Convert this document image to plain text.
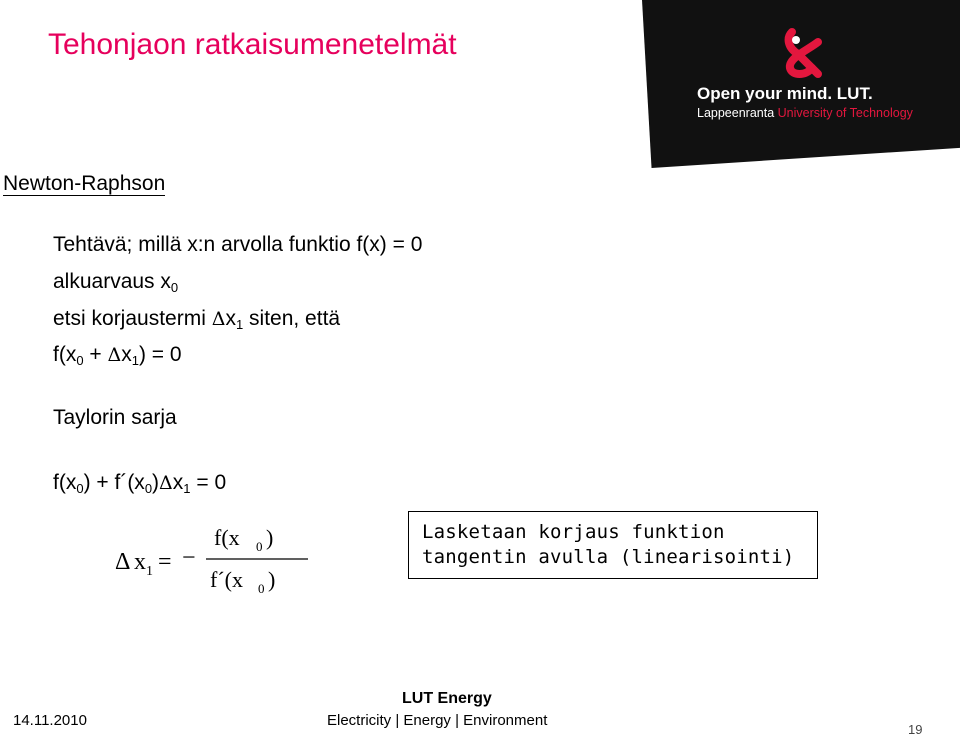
Tehonjaon ratkaisumenetelmät
Open your mind. LUT.
Lappeenranta University of Technology
Newton-Raphson
Tehtävä; millä x:n arvolla funktio f(x) = 0
alkuarvaus $x_0$
etsi korjaustermi $\Delta x_1$ siten, että
$f(x_0 + \Delta x_1) = 0$
Taylorin sarja
$f(x_0)$ + $f´(x_0)\Delta x_1 = 0$
Δ x 1 = −
f(x 0 )
f´(x 0 )
Lasketaan korjaus funktion
tangentin avulla (linearisointi)
14.11.2010
LUT Energy
Electricity | Energy | Environment
19
